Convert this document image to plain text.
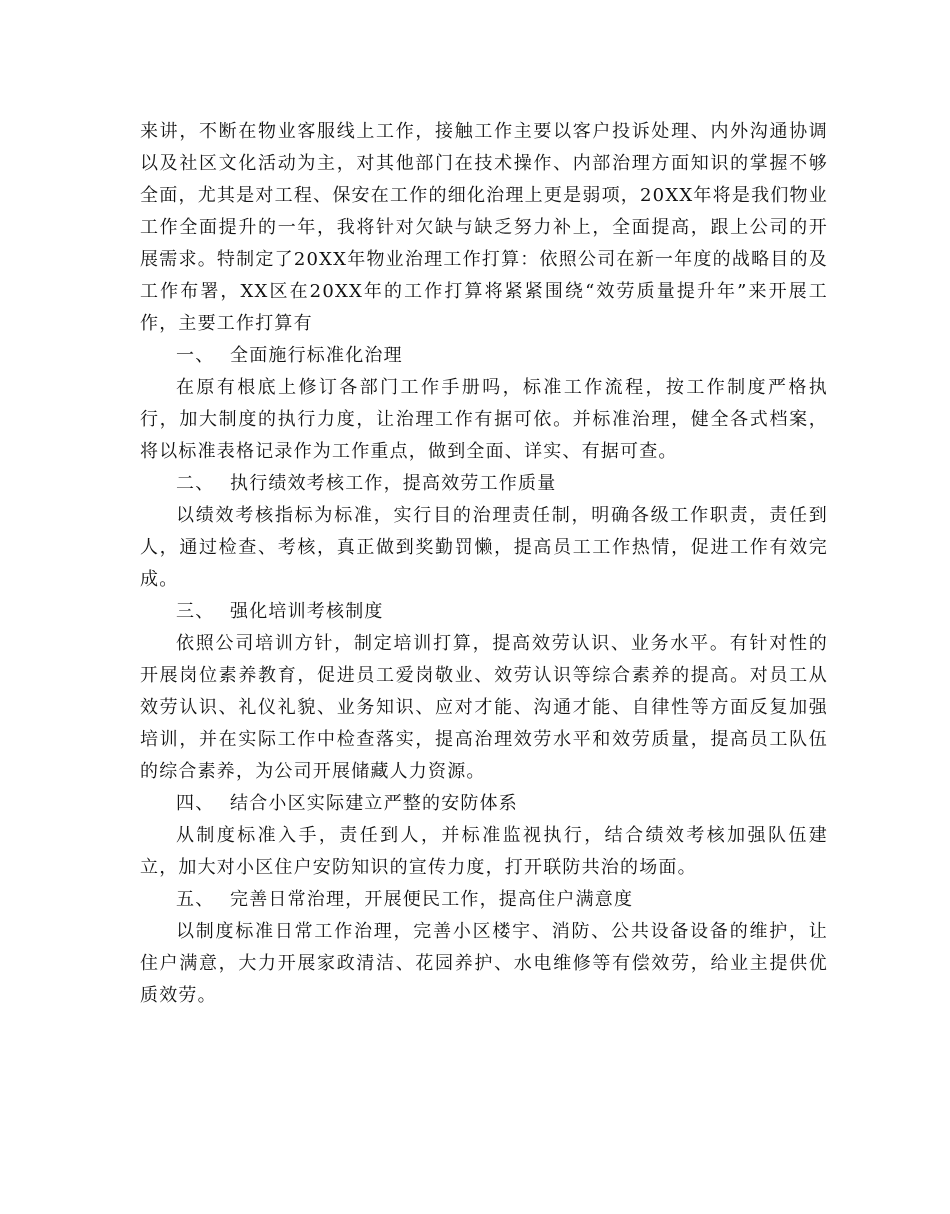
来讲，不断在物业客服线上工作，接触工作主要以客户投诉处理、内外沟通协调以及社区文化活动为主，对其他部门在技术操作、内部治理方面知识的掌握不够全面，尤其是对工程、保安在工作的细化治理上更是弱项，20XX年将是我们物业工作全面提升的一年，我将针对欠缺与缺乏努力补上，全面提高，跟上公司的开展需求。特制定了20XX年物业治理工作打算：依照公司在新一年度的战略目的及工作布署，XX区在20XX年的工作打算将紧紧围绕“效劳质量提升年”来开展工作，主要工作打算有

一、 全面施行标准化治理

在原有根底上修订各部门工作手册吗，标准工作流程，按工作制度严格执行，加大制度的执行力度，让治理工作有据可依。并标准治理，健全各式档案，将以标准表格记录作为工作重点，做到全面、详实、有据可查。

二、 执行绩效考核工作，提高效劳工作质量

以绩效考核指标为标准，实行目的治理责任制，明确各级工作职责，责任到人，通过检查、考核，真正做到奖勤罚懒，提高员工工作热情，促进工作有效完成。

三、 强化培训考核制度

依照公司培训方针，制定培训打算，提高效劳认识、业务水平。有针对性的开展岗位素养教育，促进员工爱岗敬业、效劳认识等综合素养的提高。对员工从效劳认识、礼仪礼貌、业务知识、应对才能、沟通才能、自律性等方面反复加强培训，并在实际工作中检查落实，提高治理效劳水平和效劳质量，提高员工队伍的综合素养，为公司开展储藏人力资源。

四、 结合小区实际建立严整的安防体系

从制度标准入手，责任到人，并标准监视执行，结合绩效考核加强队伍建立，加大对小区住户安防知识的宣传力度，打开联防共治的场面。

五、 完善日常治理，开展便民工作，提高住户满意度

以制度标准日常工作治理，完善小区楼宇、消防、公共设备设备的维护，让住户满意，大力开展家政清洁、花园养护、水电维修等有偿效劳，给业主提供优质效劳。
